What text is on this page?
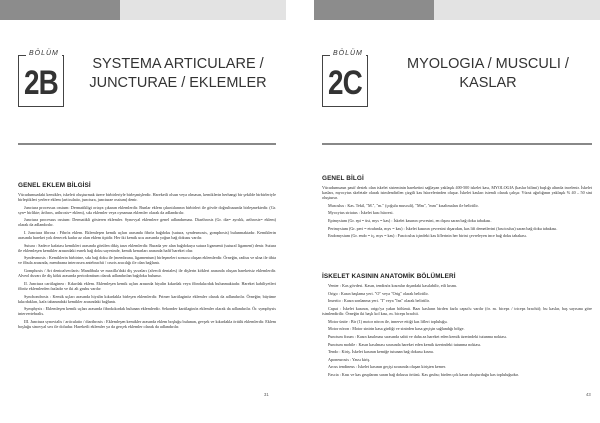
BÖLÜM
2B	SYSTEMA ARTICULARE /
JUNCTURAE / EKLEMLER
GENEL EKLEM BİLGİSİ

Vücudumuzdaki kemikler, iskeleti oluşturmak üzere birbirleriyle birleşmişlerdir. Hareketli olsun veya olmasın, kemiklerin herhangi bir şekilde birbirleriyle birleştikleri yerlere eklem (articulatio, junctura, juncturae ossium) denir.

Junctura processus ossium: Dermatikligi ortaya çıkaran eklemlerdir. Bunlar eklem çıkıntılarının birbirleri ile gövde doğrultusunda birleşmektedir. (Gr. syn= birlikte; årthros, arthrosis= eklem), sıkı eklemler veya oynamaz eklemler olarak da adlandırılır.

Junctura processus ossium: Dermatikli gösteren eklemler. Synovyal eklemlere genel adlandırması. Diarthrosis (Gr. dia= ayrılık, arthrosis= eklem) olarak da adlandırılır.

I. Junctura fibrosa : Fibröz eklem. Eklemleşen kemik uçları arasında fibröz bağdoku (sutura, syndesmosis, gomphosis) bulunmaktadır. Kemiklerin arasında hareket yok denecek kadar az olan eklem tipidir. Her iki kemik ucu arasında yoğun bağ dokusu vardır.

Sutura : Sadece kafatası kemikleri arasında görülen dikiş tarzı eklemlerdir. Burada yer alan bağdokuya sutura ligamenti (sutural ligament) denir. Sutura ile eklemleşen kemikler arasındaki esnek bağ doku sayesinde, kemik kenarları arasında hafif hareket olur.

Syndesmosis : Kemiklerin birbirine, sıkı bağ doku ile (membrana, ligamentum) birleşmeleri sonucu oluşan eklemlerdir. Örneğin, radius ve ulna ile tibia ve fibula arasında, membrana interossea antebrachii / cruris aracılığı ile olan bağlantı.

Gomphosis / Art dentoalveolaris: Mandibula ve maxilla'daki diş yuvaları (alveoli dentales) ile dişlerin kökleri arasında oluşan hareketsiz eklemlerdir. Alveol duvarı ile diş kökü arasında periodontium olarak adlandırılan bağdoku bulunur.

II. Junctura cartilaginea : Kıkırdak eklem. Eklemleşen kemik uçları arasında hiyalin kıkırdak veya fibrokıkırdak bulunmaktadır. Hareket kabiliyetleri fibröz eklemlerden fazladır ve iki alt grubu vardır:

Synchondrosis : Kemik uçları arasında hiyalin kıkırdakla birleşen eklemlerdir. Primer kartilaginöz eklemler olarak da adlandırılır. Örneğin; büyüme kıkırdakları, kafa tabanındaki kemikler arasındaki bağlantı.

Symphysis : Eklemleşen kemik uçları arasında fibrokıkırdak bulunan eklemlerdir. Sekonder kartilaginöz eklemler olarak da adlandırılır. Ör. symphysis intervertebralis.

III. Junctura synovialis / articulatio / diarthrosis : Eklemleşen kemikler arasında eklem boşluğu bulunan, gevşek ve kıkırdakla örtülü eklemlerdir. Eklem boşluğu sinovyal sıvı ile doludur. Hareketli eklemler ya da gerçek eklemler olarak da adlandırılır.

31
BÖLÜM
2C	MYOLOGIA / MUSCULI /
KASLAR
GENEL BİLGİ

Vücudumuzun pasif destek olan iskelet sisteminin hareketini sağlayan yaklaşık 400-500 iskelet kası, MYOLOGIA (kaslar bilimi) başlığı altında incelenir. İskelet kasları, myocytus skeletale olarak isimlendirilen çizgili kas hücrelerinden oluşur. İskelet kasları istemli olarak çalışır. Vücut ağırlığının yaklaşık % 40 – 50 sini oluşturur.

Musculus : Kas. Tekil, "M.", "m." (çoğulu musculi), "Mm", "mm" kısaltmaları ile belirtilir.

Myocytus striatus : İskelet kası hücresi.

Epimysium (Gr. epi = üst, mys = kas) : İskelet kasının çevresini, en dışını saran bağ doku tabakası.

Perimysium (Gr. peri = etrafında, mys = kas) : İskelet kasının çevresini dışarıdan, kas lifi demetlerini (fasciculus) saran bağ doku tabakası.

Endomysium (Gr. endo = iç, mys = kas) : Fasciculus içindeki kas liflerinin her birini çevreleyen ince bağ doku tabakası.

İSKELET KASININ ANATOMİK BÖLÜMLERİ

Venter : Kas gövdesi. Kasın, tendinöz kısımlar dışındaki kasılabilir, etli kısmı.

Origo : Kasın başlama yeri. "O" veya "Orig" olarak belirtilir.

Insertio : Kasın sonlanma yeri. "I" veya "Ins" olarak belirtilir.

Caput : İskelet kasının, origo'ya yakın bölümü. Bazı kasların birden fazla caput'u vardır (ör. m. biceps / triceps brachii); bu kaslar, baş sayısına göre isimlendirilir. Örneğin iki başlı kol kası, m. biceps brachii.

Motor ünite : Bir (1) motor nöron ile, innerve ettiği kas lifleri topluluğu.

Motor nöron : Motor sinirin kasa girdiği ve sinirden kasa geçişin sağlandığı bölge.

Punctum fixum : Kasın kasılması sırasında sabit ve daha az hareket eden kemik üzerindeki tutunma noktası.

Punctum mobile : Kasın kasılması sırasında hareket eden kemik üzerindeki tutunma noktası.

Tendo : Kiriş. İskelet kasının kemiğe tutunan bağ dokusu kısmı.

Aponeurosis : Yassı kiriş.

Arcus tendineus : İskelet kasının geçişi sırasında oluşan kirişten kemer.

Fascia : Kası ve kas gruplarını saran bağ dokusu örtüsü. Kas grubu; birden çok kasın oluşturduğu kas topluluğudur.

43
